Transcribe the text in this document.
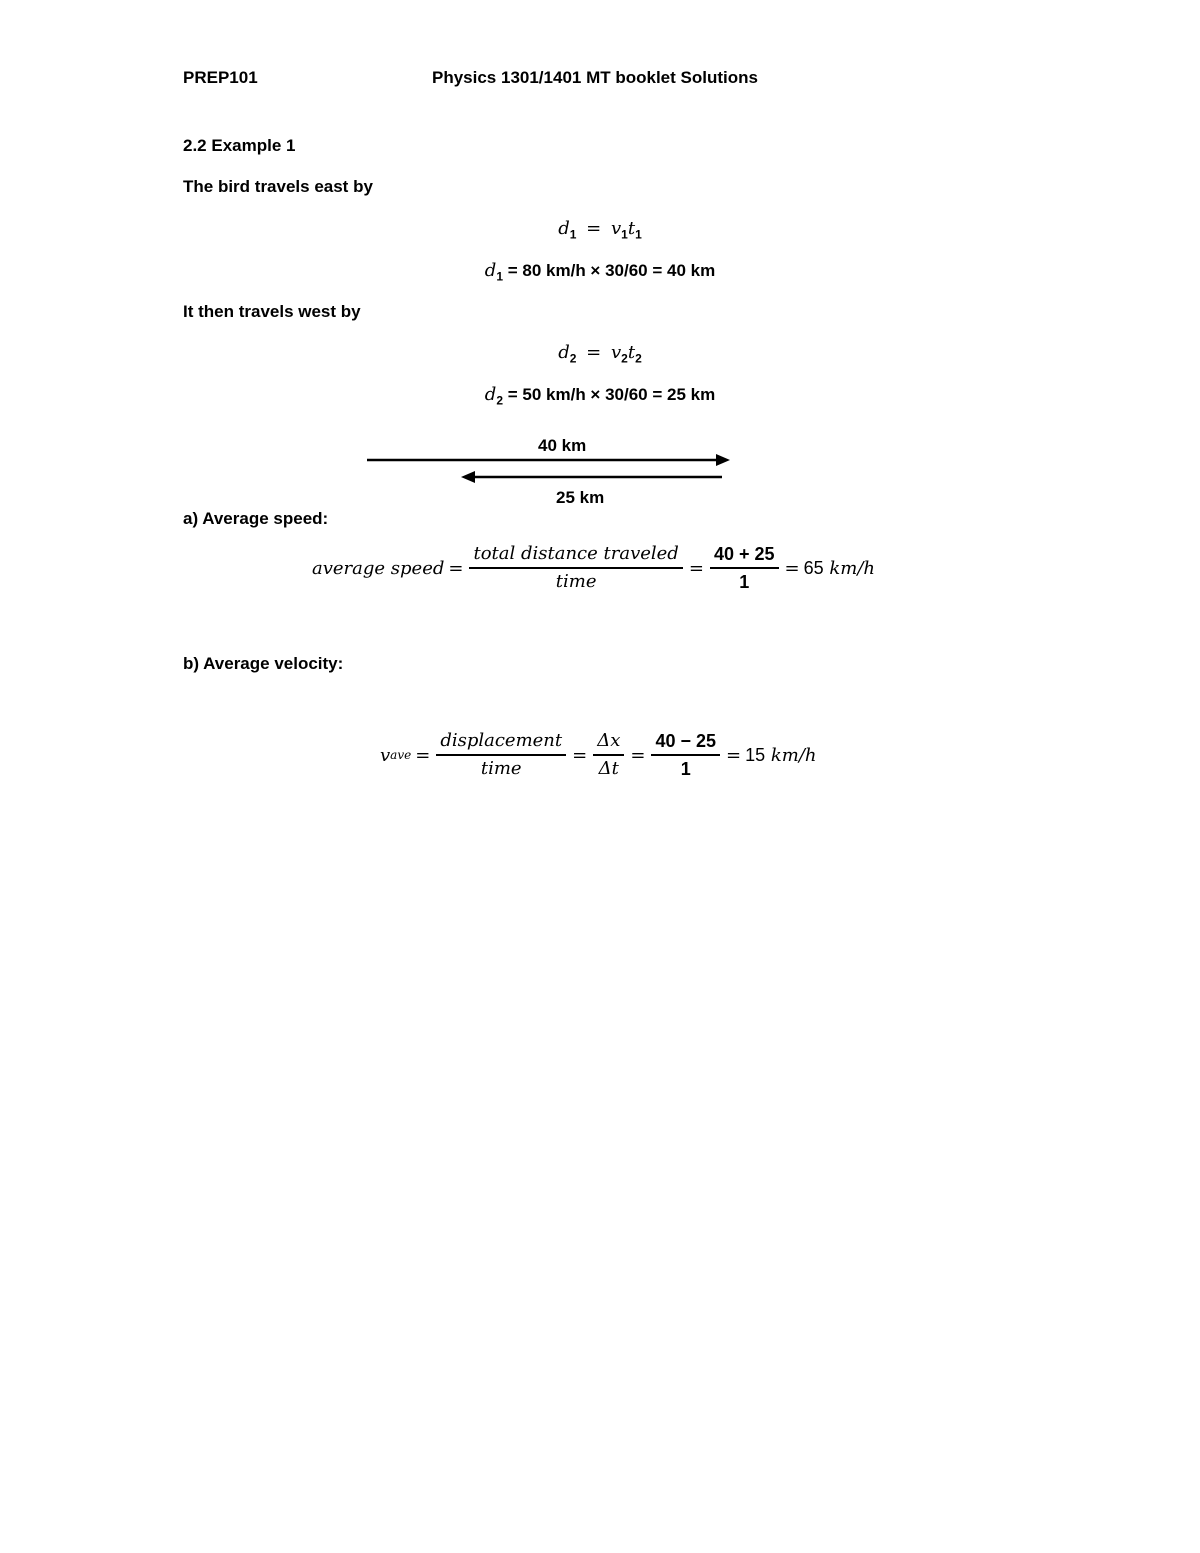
PREP101	Physics 1301/1401 MT booklet Solutions
2.2 Example 1
The bird travels east by
$d_1 = v_1t_1$
$d_1 = 80$ km/h × 30/60 = 40 km
It then travels west by
$d_2 = v_2t_2$
$d_2 = 50$ km/h × 30/60 = 25 km
40 km
25 km
a) Average speed:
average speed = $\frac{\text{total distance traveled}}{\text{time}} = \frac{40 + 25}{1} = 65$
km/h
b) Average velocity:
v ave = $\frac{\text{displacement}}{\text{time}} = \frac{\Delta x}{\Delta t} = \frac{40 - 25}{1} = 15$
km/h
